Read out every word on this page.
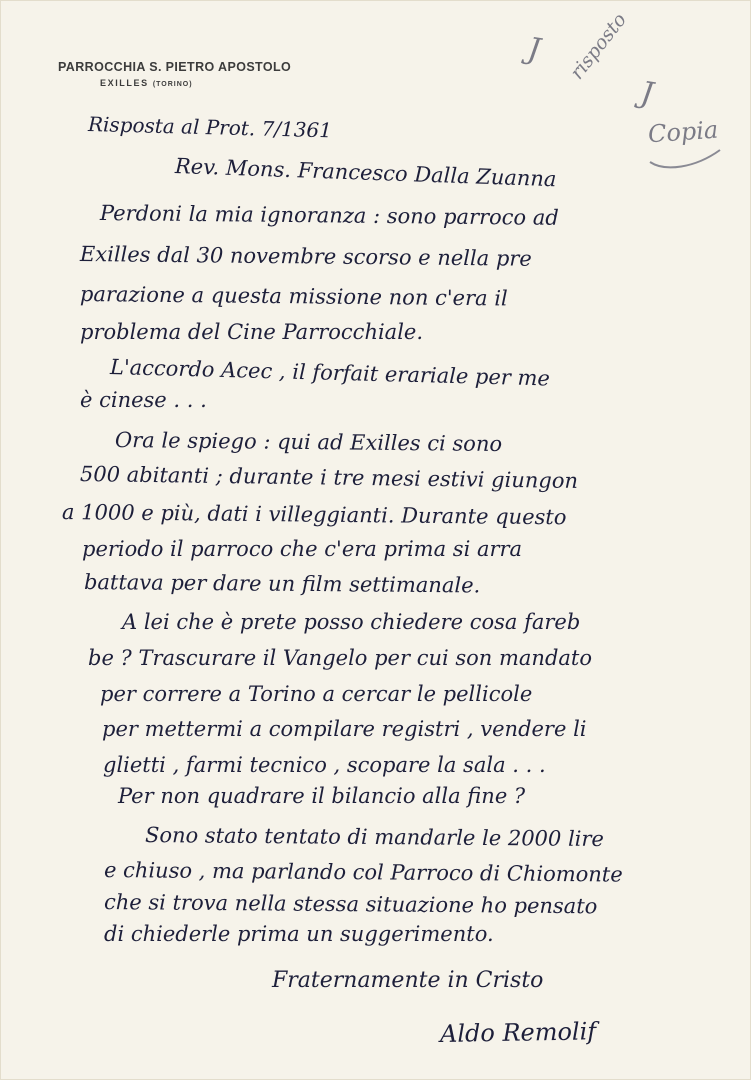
PARROCCHIA S. PIETRO APOSTOLO
EXILLES (TORINO)
J risposto
J
Copia
Risposta al Prot. 7/1361
Rev. Mons. Francesco Dalla Zuanna
Perdoni la mia ignoranza : sono parroco ad
Exilles dal 30 novembre scorso e nella pre
parazione a questa missione non c'era il
problema del Cine Parrocchiale.
L'accordo Acec , il forfait erariale per me
è cinese . . .
Ora le spiego : qui ad Exilles ci sono
500 abitanti ; durante i tre mesi estivi giungon
a 1000 e più, dati i villeggianti. Durante questo
periodo il parroco che c'era prima si arra
battava per dare un film settimanale.
A lei che è prete posso chiedere cosa fareb
be ? Trascurare il Vangelo per cui son mandato
per correre a Torino a cercar le pellicole
per mettermi a compilare registri , vendere li
glietti , farmi tecnico , scopare la sala . . .
Per non quadrare il bilancio alla fine ?
Sono stato tentato di mandarle le 2000 lire
e chiuso , ma parlando col Parroco di Chiomonte
che si trova nella stessa situazione ho pensato
di chiederle prima un suggerimento.
Fraternamente in Cristo
Aldo Remolif
